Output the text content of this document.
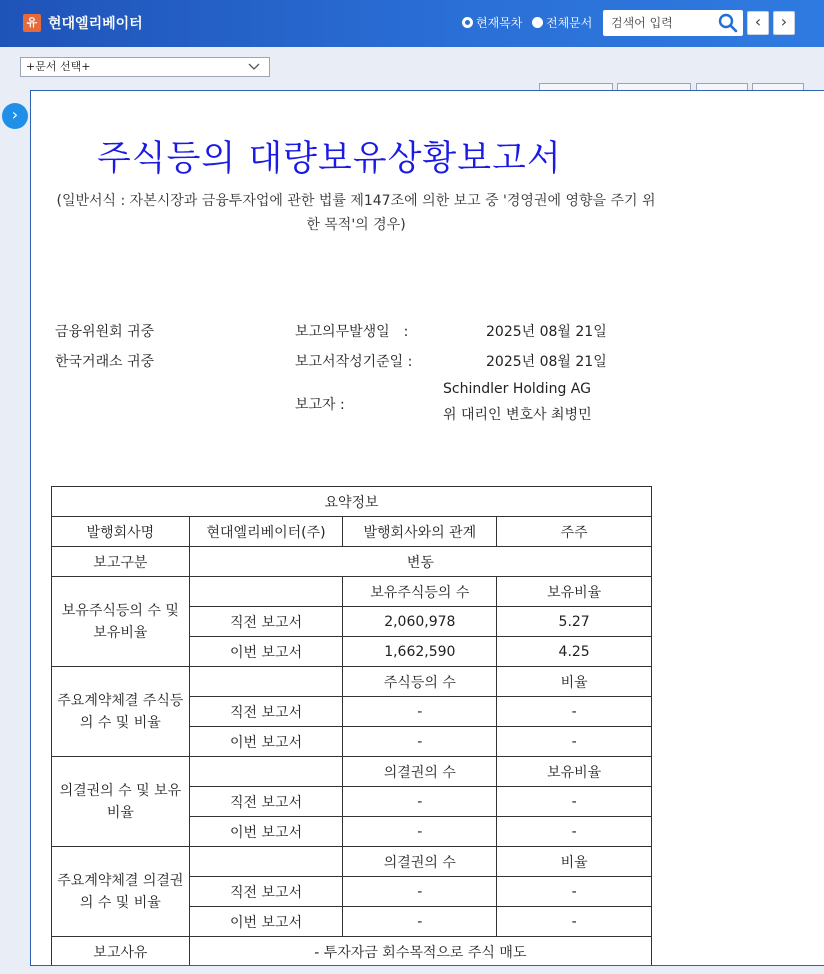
유 현대엘리베이터	현재목차 전체문서
검색어 입력	‹	›
+문서 선택+
›
주식등의 대량보유상황보고서
(일반서식 : 자본시장과 금융투자업에 관한 법률 제147조에 의한 보고 중 '경영권에 영향을 주기 위한 목적'의 경우)
금융위원회 귀중
한국거래소 귀중
보고의무발생일　:	2025년 08월 21일
보고서작성기준일 :	2025년 08월 21일
보고자 :
Schindler Holding AG
위 대리인 변호사 최병민
요약정보			
발행회사명	현대엘리베이터(주)	발행회사와의 관계	주주
보고구분	변동		
보유주식등의 수 및 보유비율		보유주식등의 수	보유비율
	직전 보고서	2,060,978	5.27
	이번 보고서	1,662,590	4.25
주요계약체결 주식등의 수 및 비율		주식등의 수	비율
	직전 보고서	-	-
	이번 보고서	-	-
의결권의 수 및 보유비율		의결권의 수	보유비율
	직전 보고서	-	-
	이번 보고서	-	-
주요계약체결 의결권의 수 및 비율		의결권의 수	비율
	직전 보고서	-	-
	이번 보고서	-	-
보고사유	- 투자자금 회수목적으로 주식 매도		
